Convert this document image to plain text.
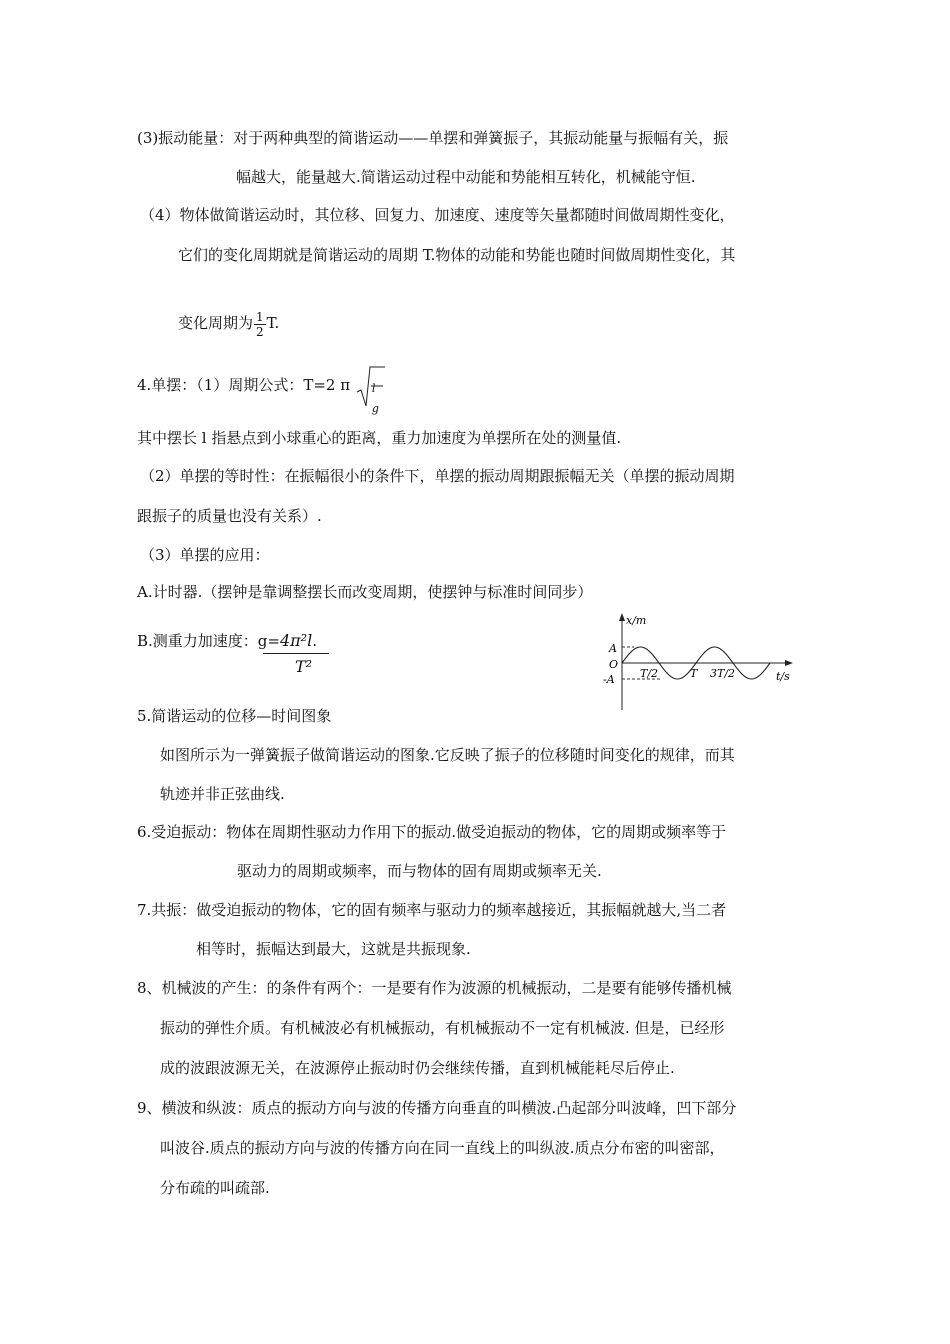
(3)振动能量：对于两种典型的简谐运动——单摆和弹簧振子，其振动能量与振幅有关，振
幅越大，能量越大.简谐运动过程中动能和势能相互转化，机械能守恒.
（4）物体做简谐运动时，其位移、回复力、加速度、速度等矢量都随时间做周期性变化，
它们的变化周期就是简谐运动的周期 T.物体的动能和势能也随时间做周期性变化，其
变化周期为 $\frac{1}{2} T$.
4.单摆：（1）周期公式：T=2 π l
g
其中摆长 l 指悬点到小球重心的距离，重力加速度为单摆所在处的测量值.
（2）单摆的等时性：在振幅很小的条件下，单摆的振动周期跟振幅无关（单摆的振动周期
跟振子的质量也没有关系）.
（3）单摆的应用：
A.计时器.（摆钟是靠调整摆长而改变周期，使摆钟与标准时间同步）
B.测重力加速度：g=4π²l.
T²
x/m
t/s
A
O
-A T/2	T 3T/2
5.简谐运动的位移—时间图象
如图所示为一弹簧振子做简谐运动的图象.它反映了振子的位移随时间变化的规律，而其
轨迹并非正弦曲线.
6.受迫振动：物体在周期性驱动力作用下的振动.做受迫振动的物体，它的周期或频率等于
驱动力的周期或频率，而与物体的固有周期或频率无关.
7.共振：做受迫振动的物体，它的固有频率与驱动力的频率越接近，其振幅就越大,当二者
相等时，振幅达到最大，这就是共振现象.
8、机械波的产生：的条件有两个：一是要有作为波源的机械振动，二是要有能够传播机械
振动的弹性介质。有机械波必有机械振动，有机械振动不一定有机械波. 但是，已经形
成的波跟波源无关，在波源停止振动时仍会继续传播，直到机械能耗尽后停止.
9、横波和纵波：质点的振动方向与波的传播方向垂直的叫横波.凸起部分叫波峰，凹下部分
叫波谷.质点的振动方向与波的传播方向在同一直线上的叫纵波.质点分布密的叫密部，
分布疏的叫疏部.
